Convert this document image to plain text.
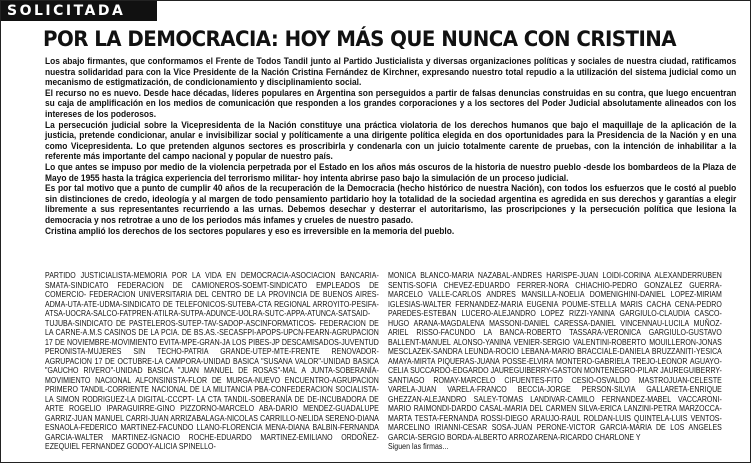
SOLICITADA
POR LA DEMOCRACIA: HOY MÁS QUE NUNCA CON CRISTINA

Los abajo firmantes, que conformamos el Frente de Todos Tandil junto al Partido Justicialista y diversas organizaciones políticas y sociales de nuestra ciudad, ratificamos nuestra solidaridad para con la Vice Presidente de la Nación Cristina Fernández de Kirchner, expresando nuestro total repudio a la utilización del sistema judicial como un mecanismo de estigmatización, de condicionamiento y disciplinamiento social.

El recurso no es nuevo. Desde hace décadas, líderes populares en Argentina son perseguidos a partir de falsas denuncias construidas en su contra, que luego encuentran su caja de amplificación en los medios de comunicación que responden a los grandes corporaciones y a los sectores del Poder Judicial absolutamente alineados con los intereses de los poderosos.

La persecución judicial sobre la Vicepresidenta de la Nación constituye una práctica violatoria de los derechos humanos que bajo el maquillaje de la aplicación de la justicia, pretende condicionar, anular e invisibilizar social y políticamente a una dirigente política elegida en dos oportunidades para la Presidencia de la Nación y en una como Vicepresidenta. Lo que pretenden algunos sectores es proscribirla y condenarla con un juicio totalmente carente de pruebas, con la intención de inhabilitar a la referente más importante del campo nacional y popular de nuestro país.

Lo que antes se impuso por medio de la violencia perpetrada por el Estado en los años más oscuros de la historia de nuestro pueblo -desde los bombardeos de la Plaza de Mayo de 1955 hasta la trágica experiencia del terrorismo militar- hoy intenta abrirse paso bajo la simulación de un proceso judicial.

Es por tal motivo que a punto de cumplir 40 años de la recuperación de la Democracia (hecho histórico de nuestra Nación), con todos los esfuerzos que le costó al pueblo sin distinciones de credo, ideología y al margen de todo pensamiento partidario hoy la totalidad de la sociedad argentina es agredida en sus derechos y garantías a elegir libremente a sus representantes recurriendo a las urnas. Debemos desechar y desterrar el autoritarismo, las proscripciones y la persecución política que lesiona la democracia y nos retrotrae a uno de los periodos más infames y crueles de nuestro pasado.

Cristina amplió los derechos de los sectores populares y eso es irreversible en la memoria del pueblo.

PARTIDO JUSTICIALISTA-MEMORIA POR LA VIDA EN DEMOCRACIA-ASOCIACION BANCARIA-SMATA-SINDICATO FEDERACION DE CAMIONEROS-SOEMT-SINDICATO EMPLEADOS DE COMERCIO- FEDERACION UNIVERSITARIA DEL CENTRO DE LA PROVINCIA DE BUENOS AIRES-ADMA-UTA-ATE-UDMA-SINDICATO DE TELEFONICOS-SUTEBA-CTA REGIONAL ARROYITO-PESIFA-ATSA-UOCRA-SALCO-FATPREN-ATILRA-SUTPA-ADUNCE-UOLRA-SUTC-APPA-ATUNCA-SATSAID-TUJUBA-SINDICATO DE PASTELEROS-SUTEP-TAV-SADOP-ASCINFORMATICOS- FEDERACION DE LA CARNE-A.M.S CASINOS DE LA PCIA. DE BS.AS.-SECASFPI-APOPS-UPCN-FEARN-AGRUPACION 17 DE NOVIEMBRE-MOVIMIENTO EVITA-MPE-GRAN-JA LOS PIBES-JP DESCAMISADOS-JUVENTUD PERONISTA-MUJERES SIN TECHO-PATRIA GRANDE-UTEP-MTE-FRENTE RENOVADOR-AGRUPACION 17 DE OCTUBRE-LA CAMPORA-UNIDAD BASICA "SUSANA VALOR"-UNIDAD BASICA "GAUCHO RIVERO"-UNIDAD BASICA "JUAN MANUEL DE ROSAS"-MAL A JUNTA-SOBERANÍA-MOVIMIENTO NACIONAL ALFONSINISTA-FLOR DE MURGA-NUEVO ENCUENTRO-AGRUPACION PRIMERO TANDIL-CORRIENTE NACIONAL DE LA MILITANCIA PBA-CONFEDERACION SOCIALISTA-LA SIMON RODRIGUEZ-LA DIGITAL-CCCPT- LA CTA TANDIL-SOBERANÍA DE DE-INCUBADORA DE ARTE ROGELIO IPARAGUIRRE-GINO PIZZORNO-MARCELO ABA-DARIO MENDEZ-GUADALUPE GARRIZ-JUAN MANUEL CARRI-JUAN ARRIZABALAGA-NICOLAS CARRILLO-NELIDA SERENO-DIANA ESNAOLA-FEDERICO MARTINEZ-FACUNDO LLANO-FLORENCIA MENA-DIANA BALBIN-FERNANDA GARCIA-WALTER MARTINEZ-IGNACIO ROCHE-EDUARDO MARTINEZ-EMILIANO ORDOÑEZ-EZEQUIEL FERNANDEZ GODOY-ALICIA SPINELLO-
MONICA BLANCO-MARIA NAZABAL-ANDRES HARISPE-JUAN LOIDI-CORINA ALEXANDERRUBEN SENTIS-SOFIA CHEVEZ-EDUARDO FERRER-NORA CHIACHIO-PEDRO GONZALEZ GUERRA-MARCELO VALLE-CARLOS ANDRES MANSILLA-NOELIA DOMENIGHINI-DANIEL LOPEZ-MIRIAM IGLESIAS-WALTER FERNANDEZ-MARIA EUGENIA POUME-STELLA MARIS CACHA CENA-PEDRO PAREDES-ESTEBAN LUCERO-ALEJANDRO LOPEZ RIZZI-YANINA GARGIULO-CLAUDIA CASCO-HUGO ARANA-MAGDALENA MASSONI-DANIEL CARESSA-DANIEL VINCENNAU-LUCILA MUÑOZ-ARIEL RISSO-FACUNDO LA BANCA-ROBERTO TASSARA-VERONICA GARGIULO-GUSTAVO BALLENT-MANUEL ALONSO-YANINA VENIER-SERGIO VALENTINI-ROBERTO MOUILLERON-JONAS MESCLAZEK-SANDRA LEUNDA-ROCIO LEBANA-MARIO BRACCIALE-DANIELA BRUZZANITI-YESICA AMAYA-MIRTA PIQUERAS-JUANA POSSE-ELVIRA MONTERO-GABRIELA TREJO-LEONOR AGUAYO-CELIA SUCCARDO-EDGARDO JAUREGUIBERRY-GASTON MONTENEGRO-PILAR JAUREGUIBERRY-SANTIAGO ROMAY-MARCELO CIFUENTES-FITO CESIO-OSVALDO MASTROJUAN-CELESTE VARELA-JUAN VARELA-FRANCO BECCIA-JORGE PERSON-SILVIA GALLARETA-ENRIQUE GHEZZAN-ALEJANDRO SALEY-TOMAS LANDIVAR-CAMILO FERNANDEZ-MABEL VACCARONI-MARIO RAIMONDI-DARDO CASAL-MARIA DEL CARMEN SILVA-ERICA LANZINI-PETRA MARZOCCA-MARTA TESTA-FERNANDA ROSSI-DIEGO ARAUJO-RAUL ROLDAN-LUIS QUINTELA-LUIS VENTOS-MARCELINO IRIANNI-CESAR SOSA-JUAN PERONE-VICTOR GARCIA-MARIA DE LOS ANGELES GARCIA-SERGIO BORDA-ALBERTO ARROZARENA-RICARDO CHARLONE Y
Siguen las firmas...
